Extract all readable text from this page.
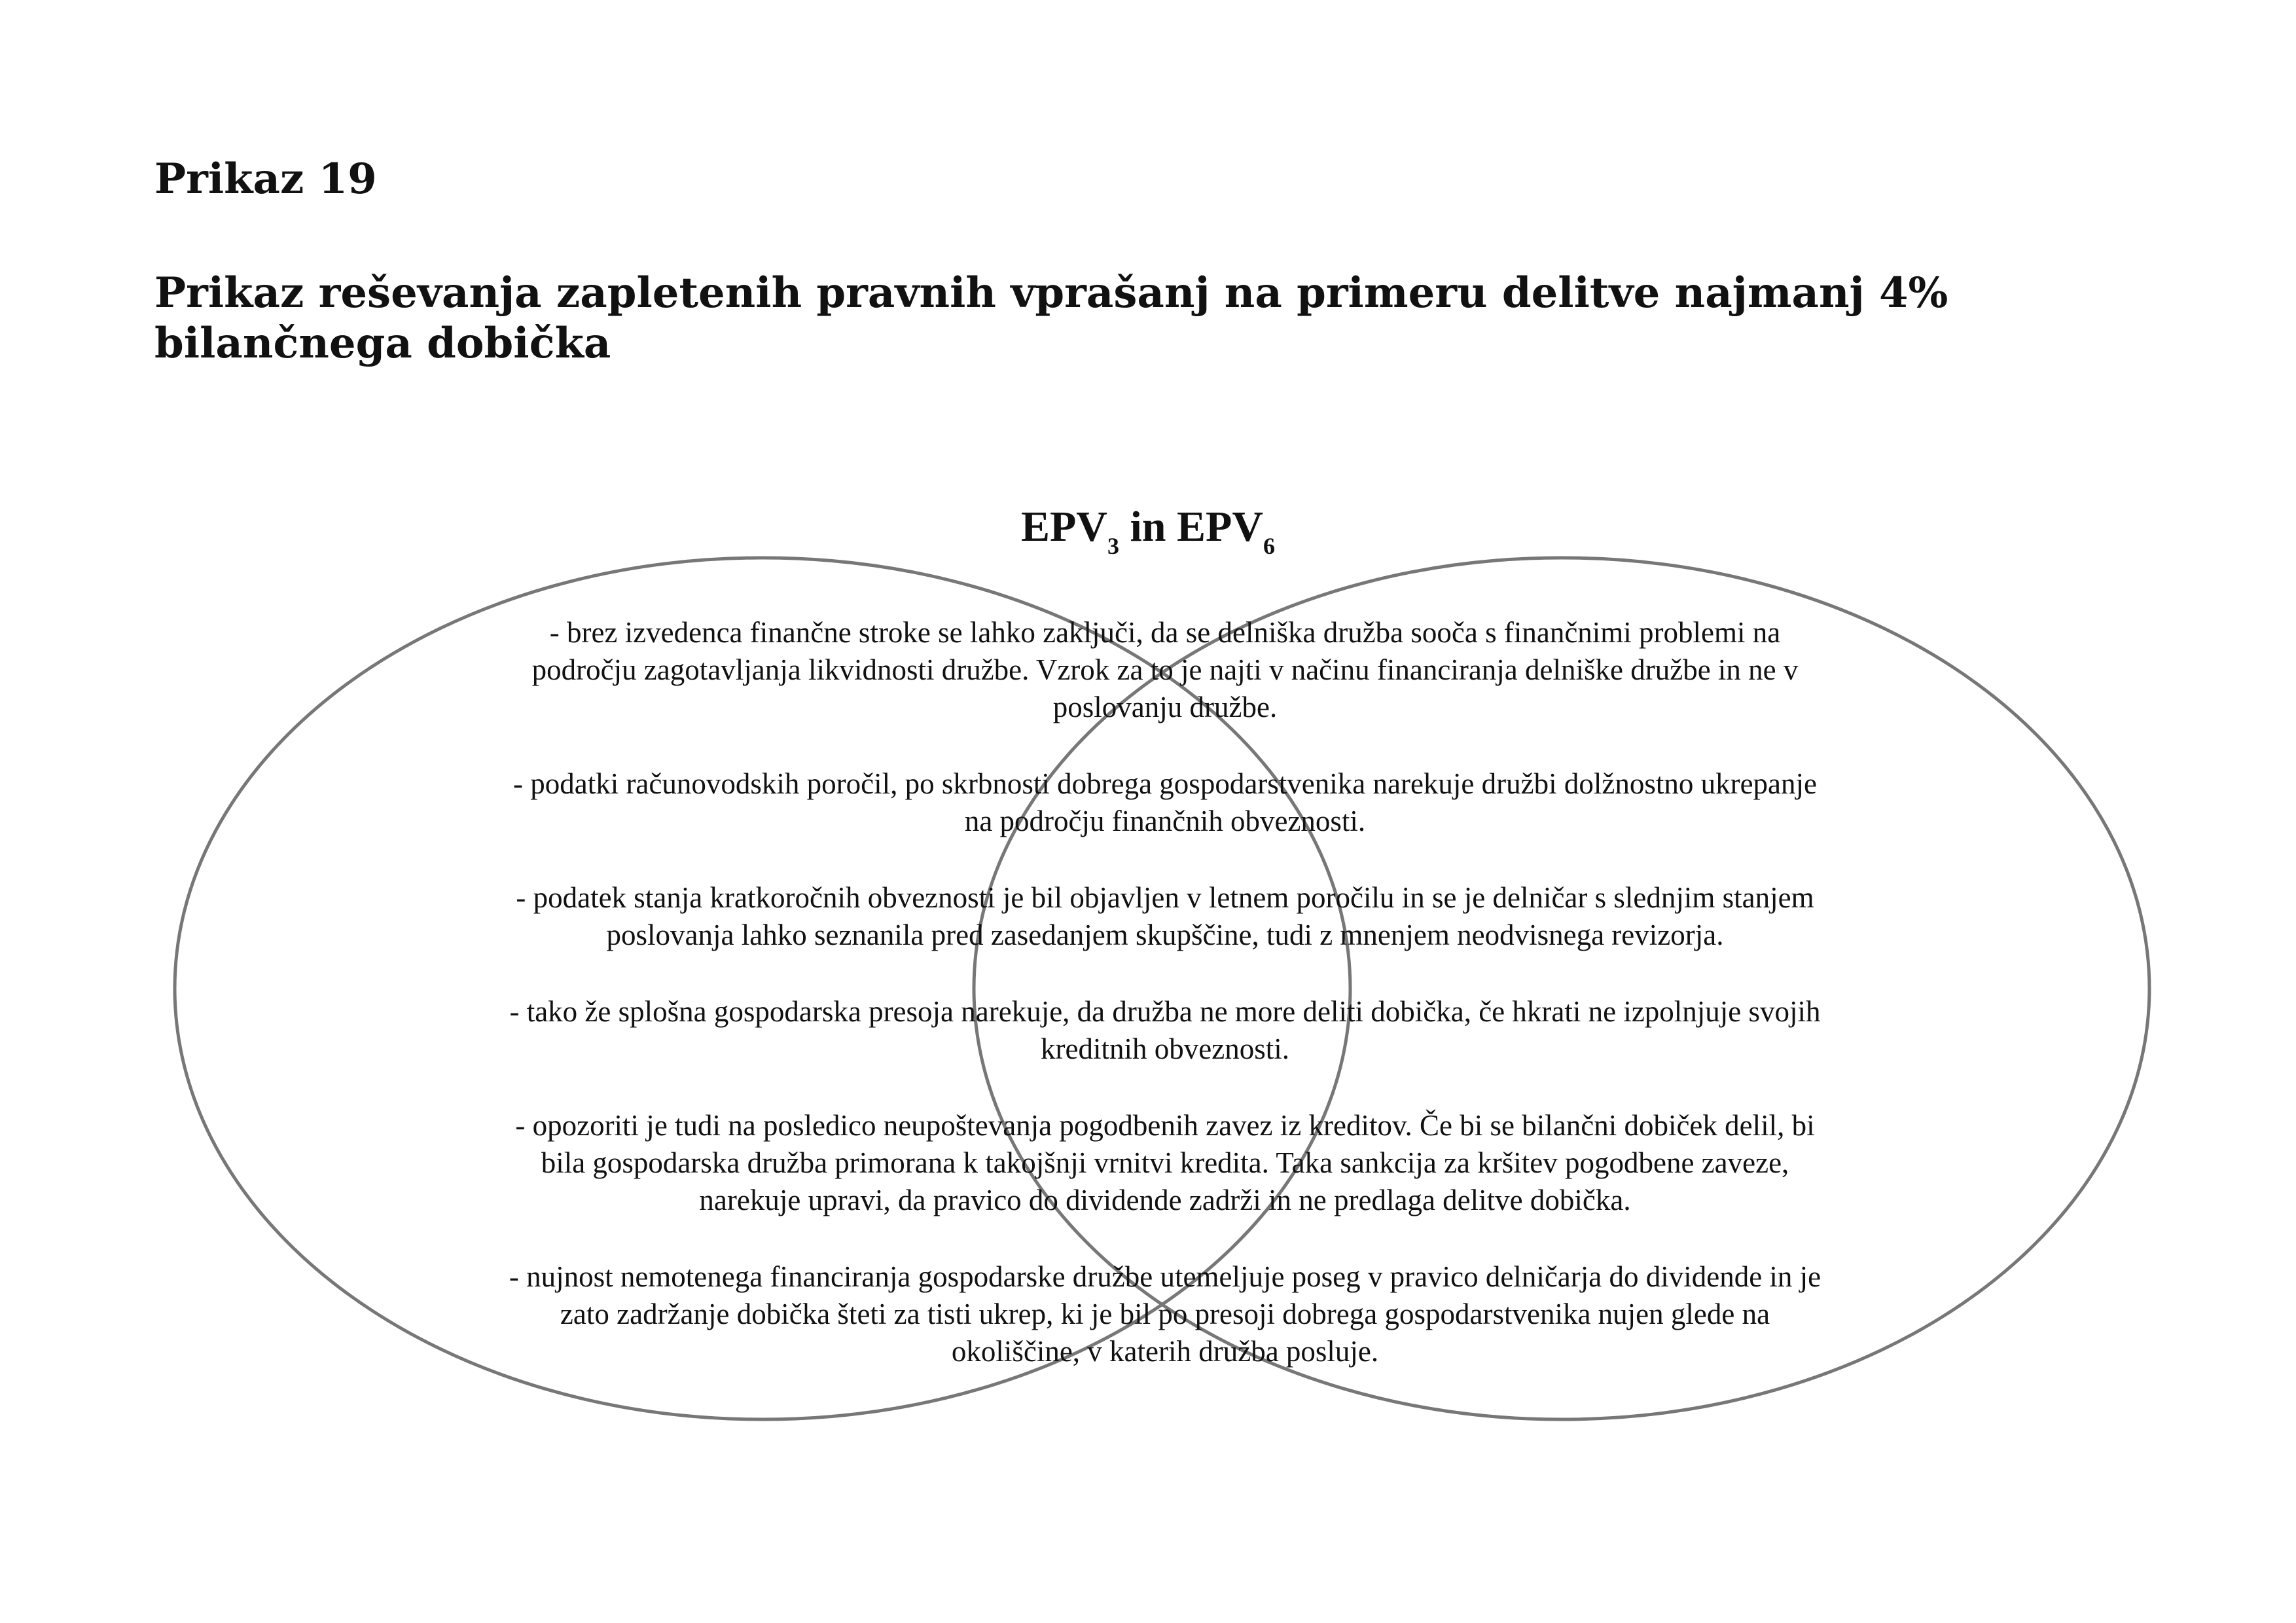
Prikaz 19
Prikaz reševanja zapletenih pravnih vprašanj na primeru delitve najmanj 4% bilančnega dobička
$EPV_3$ in $EPV_6$

- brez izvedenca finančne stroke se lahko zaključi, da se delniška družba sooča s finančnimi problemi na področju zagotavljanja likvidnosti družbe. Vzrok za to je najti v načinu financiranja delniške družbe in ne v poslovanju družbe.

- podatki računovodskih poročil, po skrbnosti dobrega gospodarstvenika narekuje družbi dolžnostno ukrepanje na področju finančnih obveznosti.

- podatek stanja kratkoročnih obveznosti je bil objavljen v letnem poročilu in se je delničar s slednjim stanjem poslovanja lahko seznanila pred zasedanjem skupščine, tudi z mnenjem neodvisnega revizorja.

- tako že splošna gospodarska presoja narekuje, da družba ne more deliti dobička, če hkrati ne izpolnjuje svojih kreditnih obveznosti.

- opozoriti je tudi na posledico neupoštevanja pogodbenih zavez iz kreditov. Če bi se bilančni dobiček delil, bi bila gospodarska družba primorana k takojšnji vrnitvi kredita. Taka sankcija za kršitev pogodbene zaveze, narekuje upravi, da pravico do dividende zadrži in ne predlaga delitve dobička.

- nujnost nemotenega financiranja gospodarske družbe utemeljuje poseg v pravico delničarja do dividende in je zato zadržanje dobička šteti za tisti ukrep, ki je bil po presoji dobrega gospodarstvenika nujen glede na okoliščine, v katerih družba posluje.
